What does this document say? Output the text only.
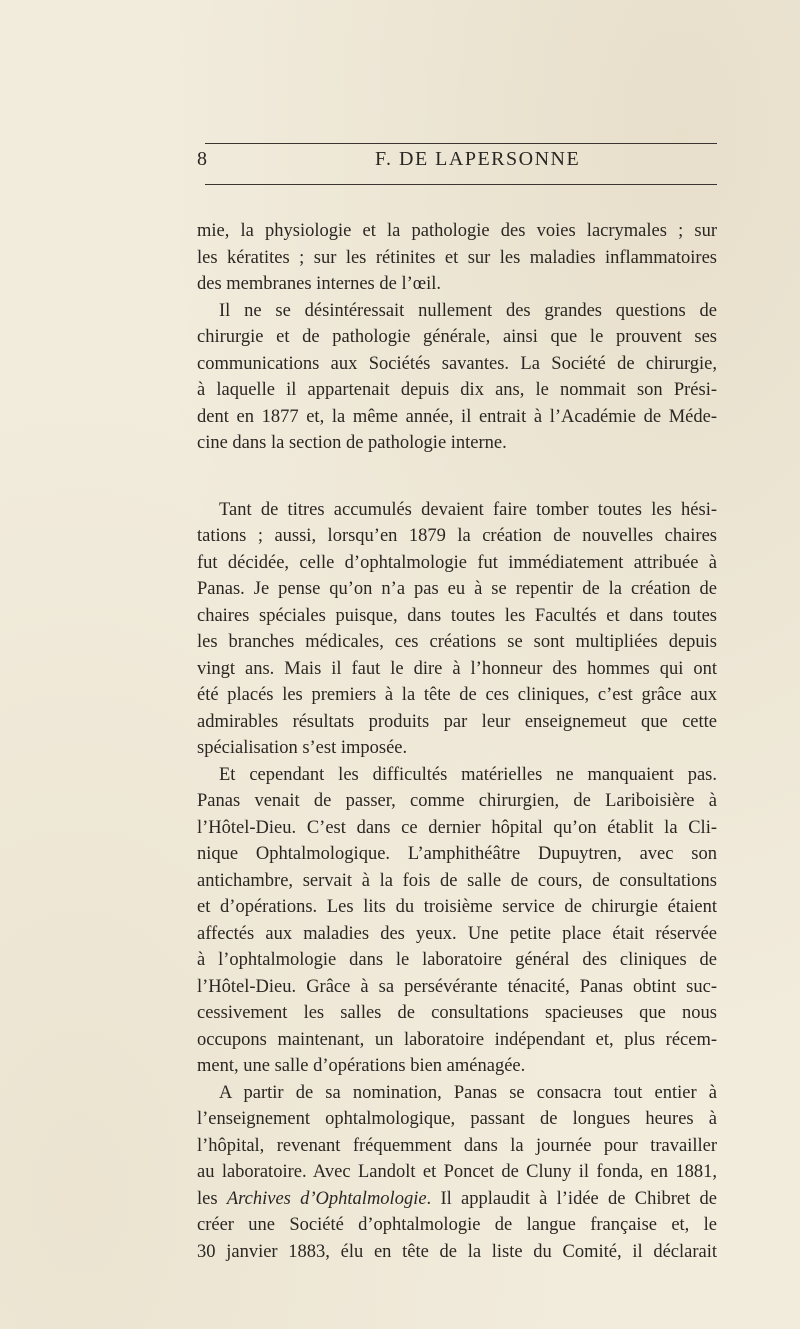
8	F. DE LAPERSONNE
mie, la physiologie et la pathologie des voies lacrymales ; sur
les kératites ; sur les rétinites et sur les maladies inflammatoires
des membranes internes de l’œil.
Il ne se désintéressait nullement des grandes questions de
chirurgie et de pathologie générale, ainsi que le prouvent ses
communications aux Sociétés savantes. La Société de chirurgie,
à laquelle il appartenait depuis dix ans, le nommait son Prési-
dent en 1877 et, la même année, il entrait à l’Académie de Méde-
cine dans la section de pathologie interne.
Tant de titres accumulés devaient faire tomber toutes les hési-
tations ; aussi, lorsqu’en 1879 la création de nouvelles chaires
fut décidée, celle d’ophtalmologie fut immédiatement attribuée à
Panas. Je pense qu’on n’a pas eu à se repentir de la création de
chaires spéciales puisque, dans toutes les Facultés et dans toutes
les branches médicales, ces créations se sont multipliées depuis
vingt ans. Mais il faut le dire à l’honneur des hommes qui ont
été placés les premiers à la tête de ces cliniques, c’est grâce aux
admirables résultats produits par leur enseignemeut que cette
spécialisation s’est imposée.
Et cependant les difficultés matérielles ne manquaient pas.
Panas venait de passer, comme chirurgien, de Lariboisière à
l’Hôtel-Dieu. C’est dans ce dernier hôpital qu’on établit la Cli-
nique Ophtalmologique. L’amphithéâtre Dupuytren, avec son
antichambre, servait à la fois de salle de cours, de consultations
et d’opérations. Les lits du troisième service de chirurgie étaient
affectés aux maladies des yeux. Une petite place était réservée
à l’ophtalmologie dans le laboratoire général des cliniques de
l’Hôtel-Dieu. Grâce à sa persévérante ténacité, Panas obtint suc-
cessivement les salles de consultations spacieuses que nous
occupons maintenant, un laboratoire indépendant et, plus récem-
ment, une salle d’opérations bien aménagée.
A partir de sa nomination, Panas se consacra tout entier à
l’enseignement ophtalmologique, passant de longues heures à
l’hôpital, revenant fréquemment dans la journée pour travailler
au laboratoire. Avec Landolt et Poncet de Cluny il fonda, en 1881,
les Archives d’Ophtalmologie. Il applaudit à l’idée de Chibret de
créer une Société d’ophtalmologie de langue française et, le
30 janvier 1883, élu en tête de la liste du Comité, il déclarait
